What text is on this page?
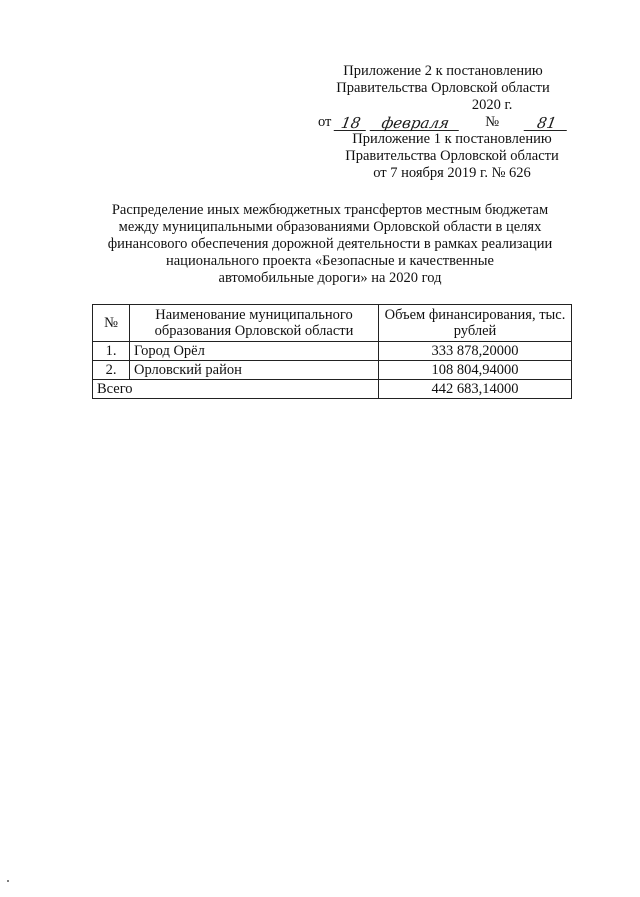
Приложение 2 к постановлению
Правительства Орловской области
от 18	февраля
2020 г. №	81
Приложение 1 к постановлению
Правительства Орловской области
от 7 ноября 2019 г. № 626
Распределение иных межбюджетных трансфертов местным бюджетам
между муниципальными образованиями Орловской области в целях
финансового обеспечения дорожной деятельности в рамках реализации
национального проекта «Безопасные и качественные
автомобильные дороги» на 2020 год
№	Наименование муниципального образования Орловской области	Объем финансирования, тыс. рублей
1.	Город Орёл	333 878,20000
2.	Орловский район	108 804,94000
Всего		442 683,14000
